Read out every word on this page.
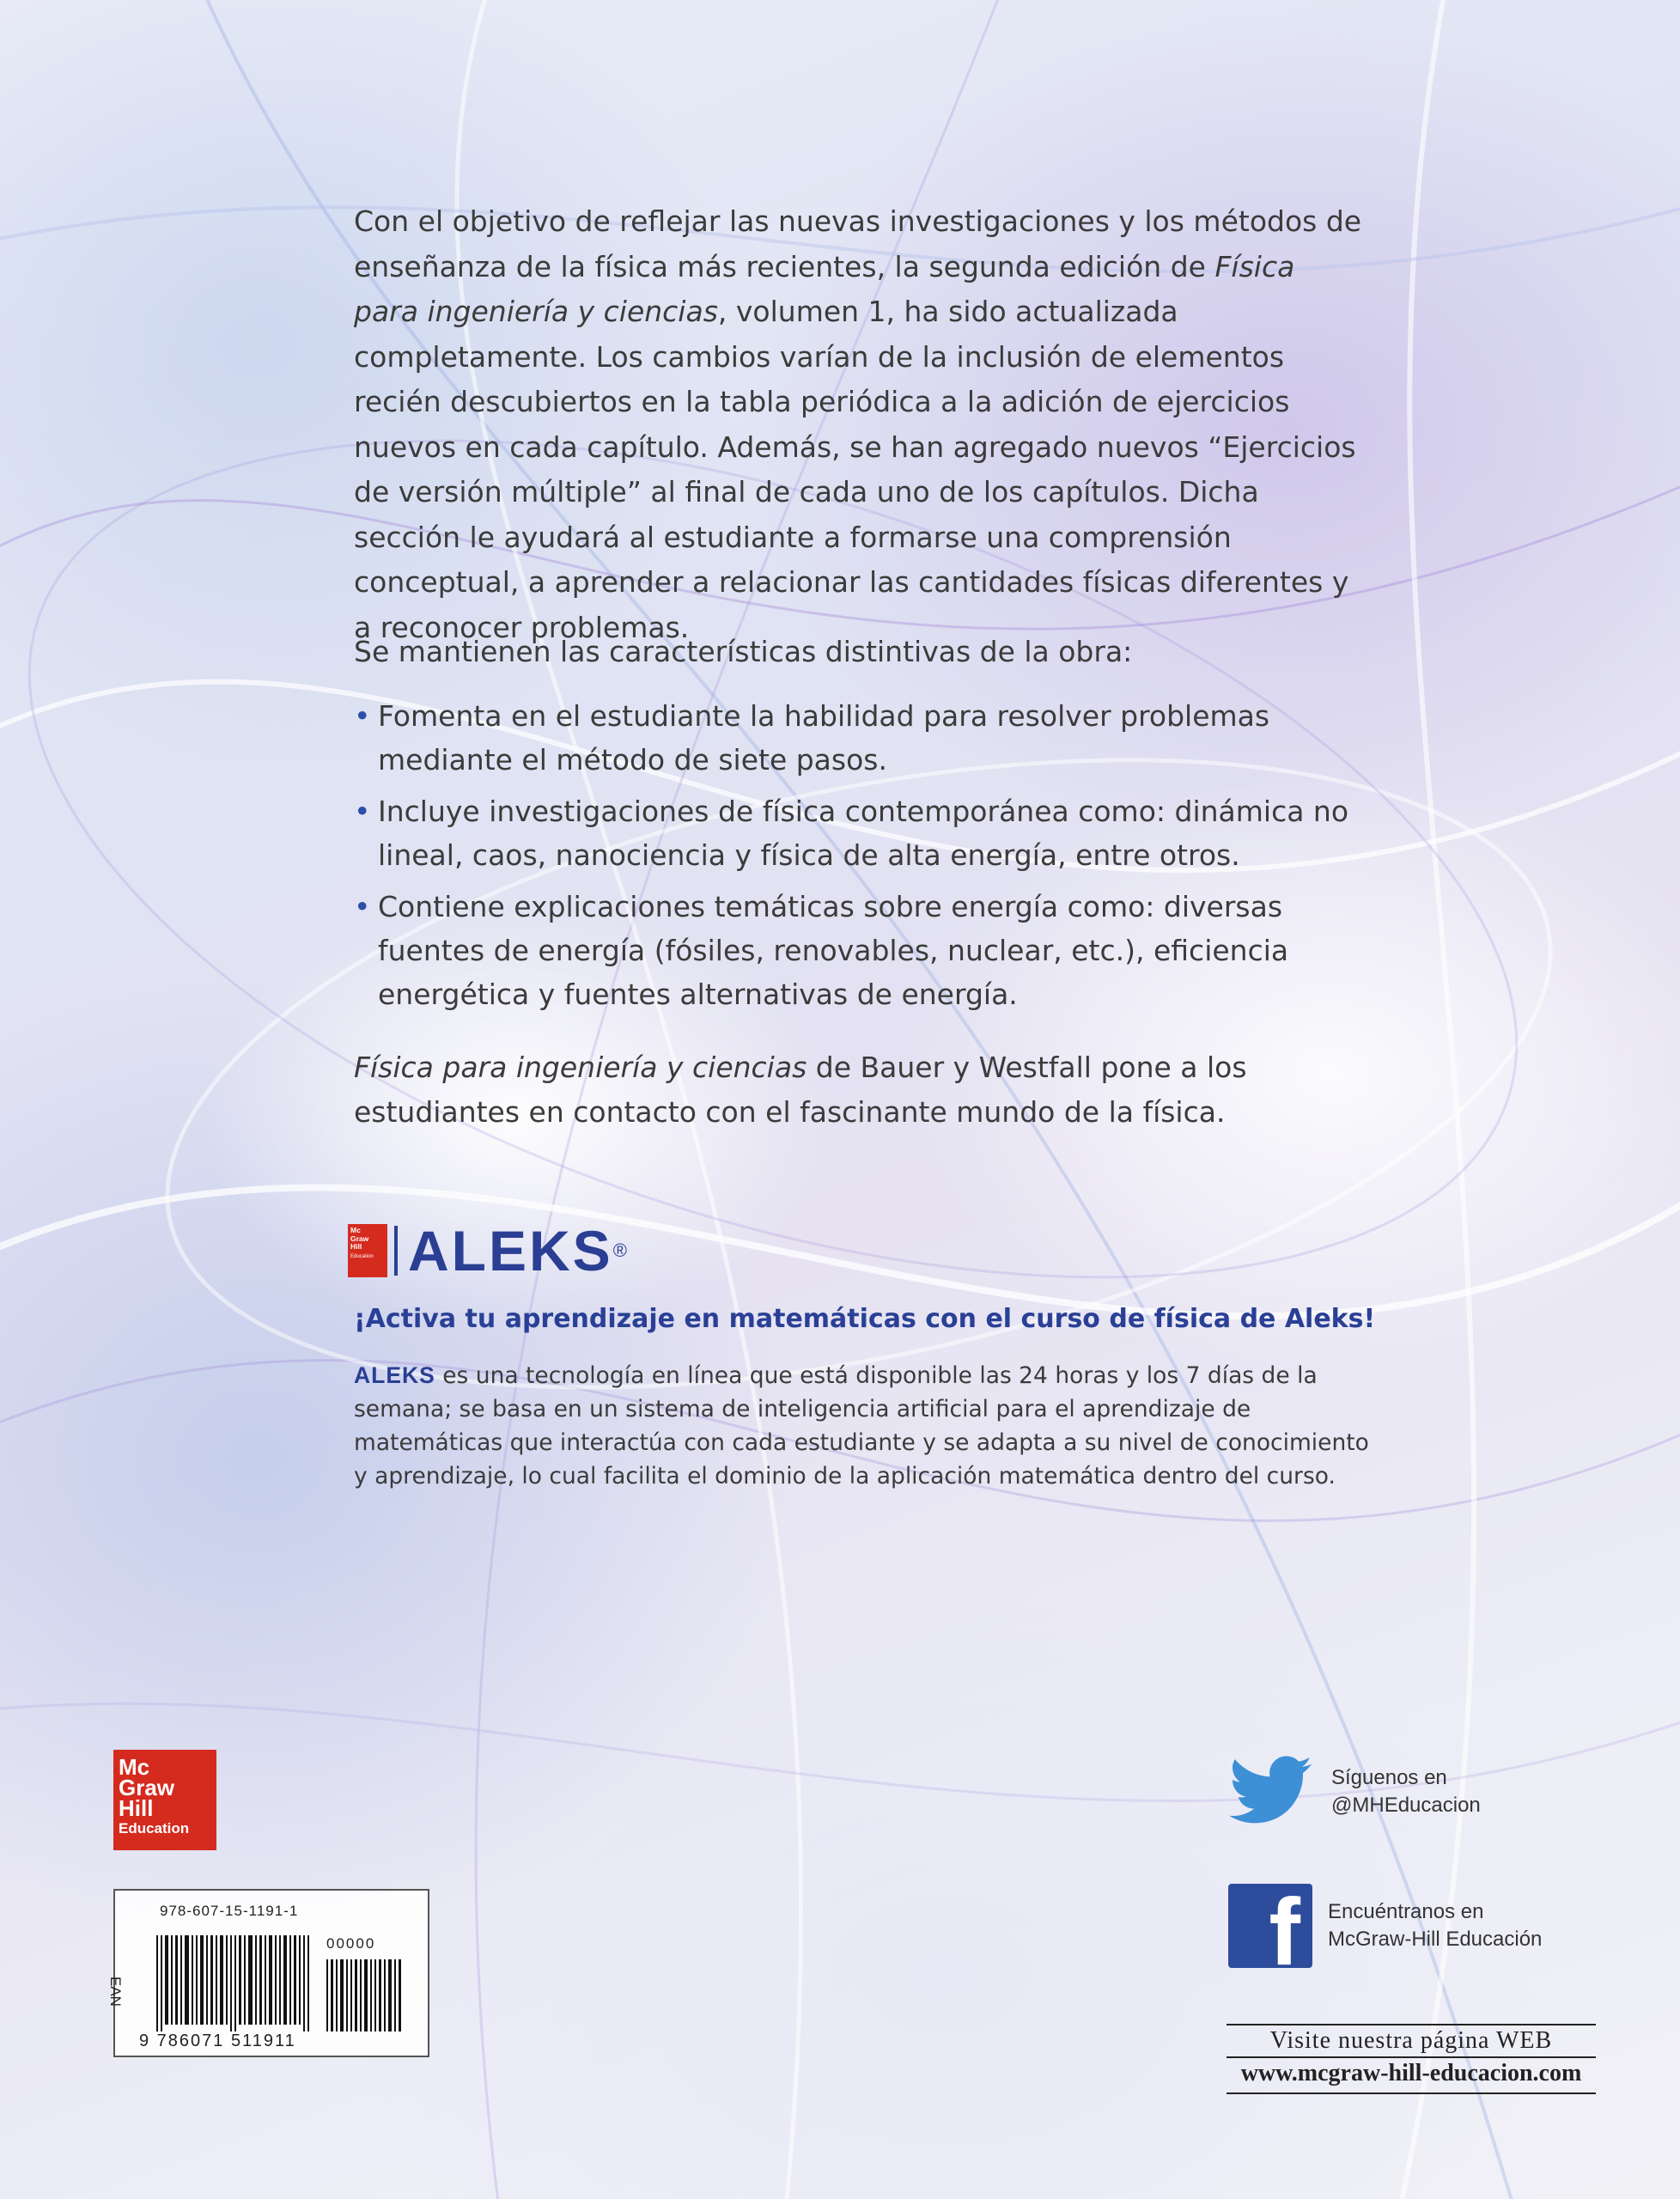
Con el objetivo de reflejar las nuevas investigaciones y los métodos de enseñanza de la física más recientes, la segunda edición de Física para ingeniería y ciencias, volumen 1, ha sido actualizada completamente. Los cambios varían de la inclusión de elementos recién descubiertos en la tabla periódica a la adición de ejercicios nuevos en cada capítulo. Además, se han agregado nuevos “Ejercicios de versión múltiple” al final de cada uno de los capítulos. Dicha sección le ayudará al estudiante a formarse una comprensión conceptual, a aprender a relacionar las cantidades físicas diferentes y a reconocer problemas.

Se mantienen las características distintivas de la obra:

• Fomenta en el estudiante la habilidad para resolver problemas mediante el método de siete pasos.
• Incluye investigaciones de física contemporánea como: dinámica no lineal, caos, nanociencia y física de alta energía, entre otros.
• Contiene explicaciones temáticas sobre energía como: diversas fuentes de energía (fósiles, renovables, nuclear, etc.), eficiencia energética y fuentes alternativas de energía.

Física para ingeniería y ciencias de Bauer y Westfall pone a los estudiantes en contacto con el fascinante mundo de la física.

Mc
Graw
Hill
Education ALEKS®

¡Activa tu aprendizaje en matemáticas con el curso de física de Aleks!

ALEKS es una tecnología en línea que está disponible las 24 horas y los 7 días de la semana; se basa en un sistema de inteligencia artificial para el aprendizaje de matemáticas que interactúa con cada estudiante y se adapta a su nivel de conocimiento y aprendizaje, lo cual facilita el dominio de la aplicación matemática dentro del curso.

Mc
Graw
Hill
Education
978-607-15-1191-1
EAN
00000
9 786071 511911
Síguenos en
@MHEducacion
f Encuéntranos en
McGraw-Hill Educación
Visite nuestra página WEB
www.mcgraw-hill-educacion.com
